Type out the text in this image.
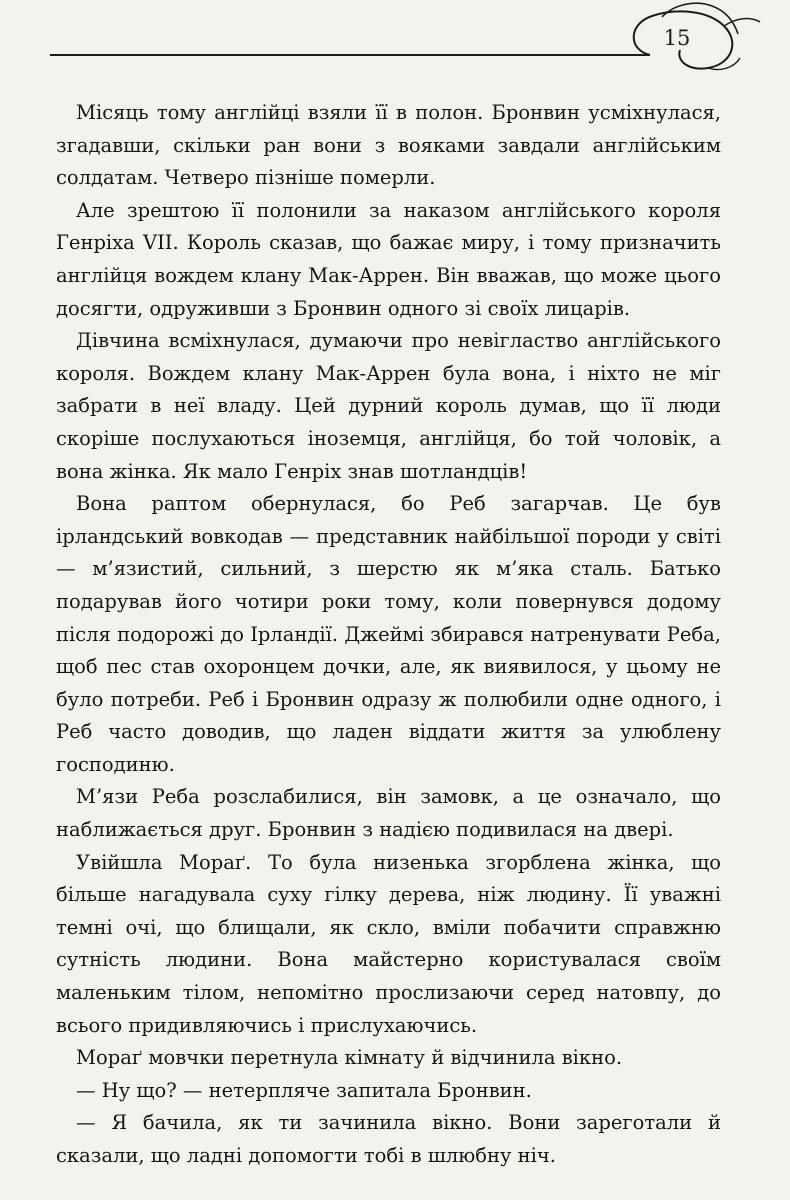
15

Місяць тому англійці взяли її в полон. Бронвин усміхнулася, згадавши, скільки ран вони з вояками завдали англійським солдатам. Четверо пізніше померли.

Але зрештою її полонили за наказом англійського короля Генріха VII. Король сказав, що бажає миру, і тому призначить англійця вождем клану Мак-Аррен. Він вважав, що може цього досягти, одруживши з Бронвин одного зі своїх лицарів.

Дівчина всміхнулася, думаючи про невігластво англійського короля. Вождем клану Мак-Аррен була вона, і ніхто не міг забрати в неї владу. Цей дурний король думав, що її люди скоріше послухаються іноземця, англійця, бо той чоловік, а вона жінка. Як мало Генріх знав шотландців!

Вона раптом обернулася, бо Реб загарчав. Це був ірландський вовкодав — представник найбільшої породи у світі — м’язистий, сильний, з шерстю як м’яка сталь. Батько подарував його чотири роки тому, коли повернувся додому після подорожі до Ірландії. Джеймі збирався натренувати Реба, щоб пес став охоронцем дочки, але, як виявилося, у цьому не було потреби. Реб і Бронвин одразу ж полюбили одне одного, і Реб часто доводив, що ладен віддати життя за улюблену господиню.

М’язи Реба розслабилися, він замовк, а це означало, що наближається друг. Бронвин з надією подивилася на двері.

Увійшла Мораґ. То була низенька згорблена жінка, що більше нагадувала суху гілку дерева, ніж людину. Її уважні темні очі, що блищали, як скло, вміли побачити справжню сутність людини. Вона майстерно користувалася своїм маленьким тілом, непомітно прослизаючи серед натовпу, до всього придивляючись і прислухаючись.

Мораґ мовчки перетнула кімнату й відчинила вікно.

— Ну що? — нетерпляче запитала Бронвин.

— Я бачила, як ти зачинила вікно. Вони зареготали й сказали, що ладні допомогти тобі в шлюбну ніч.
